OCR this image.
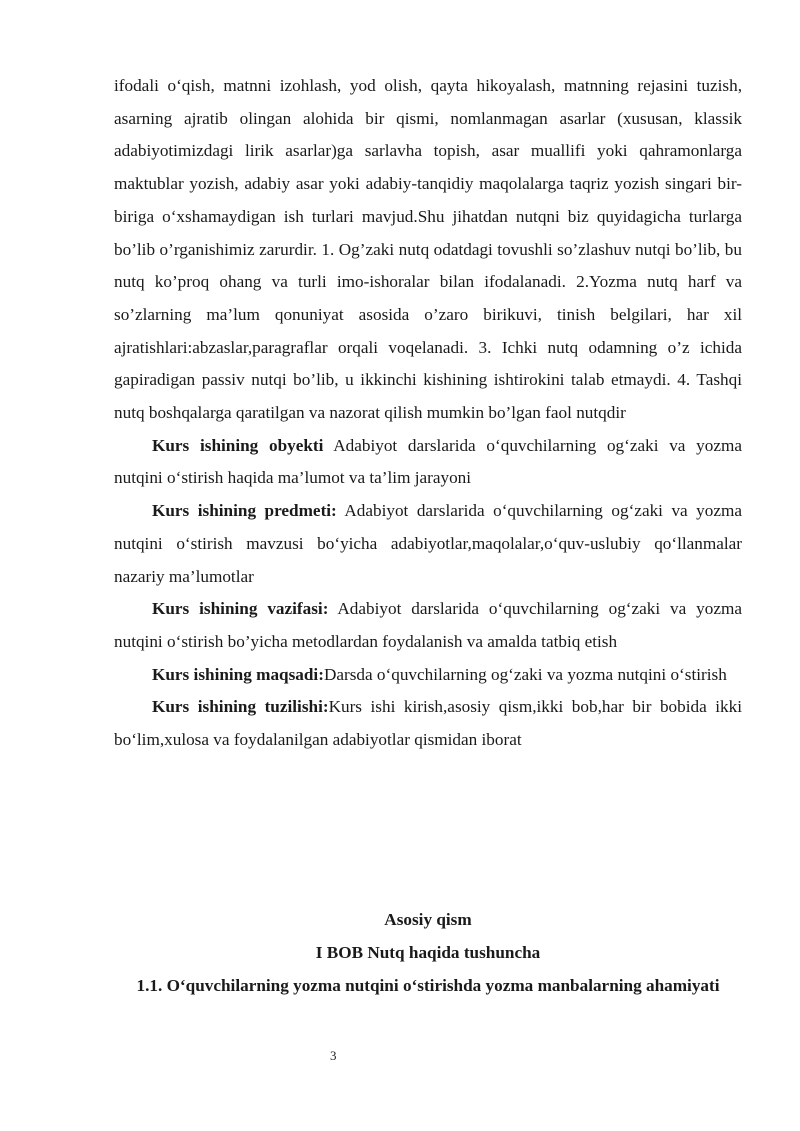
ifodali o‘qish, matnni izohlash, yod olish, qayta hikoyalash, matnning rejasini tuzish, asarning ajratib olingan alohida bir qismi, nomlanmagan asarlar (xususan, klassik adabiyotimizdagi lirik asarlar)ga sarlavha topish, asar muallifi yoki qahramonlarga maktublar yozish, adabiy asar yoki adabiy-tanqidiy maqolalarga taqriz yozish singari bir-biriga o‘xshamaydigan ish turlari mavjud.Shu jihatdan nutqni biz quyidagicha turlarga bo’lib o’rganishimiz zarurdir. 1. Og’zaki nutq odatdagi tovushli so’zlashuv nutqi bo’lib, bu nutq ko’proq ohang va turli imo-ishoralar bilan ifodalanadi. 2.Yozma nutq harf va so’zlarning ma’lum qonuniyat asosida o’zaro birikuvi, tinish belgilari, har xil ajratishlari:abzaslar,paragraflar orqali voqelanadi. 3. Ichki nutq odamning o’z ichida gapiradigan passiv nutqi bo’lib, u ikkinchi kishining ishtirokini talab etmaydi. 4. Tashqi nutq boshqalarga qaratilgan va nazorat qilish mumkin bo’lgan faol nutqdir

Kurs ishining obyekti Adabiyot darslarida o‘quvchilarning og‘zaki va yozma nutqini o‘stirish haqida ma’lumot va ta’lim jarayoni

Kurs ishining predmeti: Adabiyot darslarida o‘quvchilarning og‘zaki va yozma nutqini o‘stirish mavzusi bo‘yicha adabiyotlar,maqolalar,o‘quv-uslubiy qo‘llanmalar nazariy ma’lumotlar

Kurs ishining vazifasi: Adabiyot darslarida o‘quvchilarning og‘zaki va yozma nutqini o‘stirish bo’yicha metodlardan foydalanish va amalda tatbiq etish

Kurs ishining maqsadi:Darsda o‘quvchilarning og‘zaki va yozma nutqini o‘stirish

Kurs ishining tuzilishi:Kurs ishi kirish,asosiy qism,ikki bob,har bir bobida ikki bo‘lim,xulosa va foydalanilgan adabiyotlar qismidan iborat

Asosiy qism

I BOB Nutq haqida tushuncha

1.1. O‘quvchilarning yozma nutqini o‘stirishda yozma manbalarning ahamiyati

3
